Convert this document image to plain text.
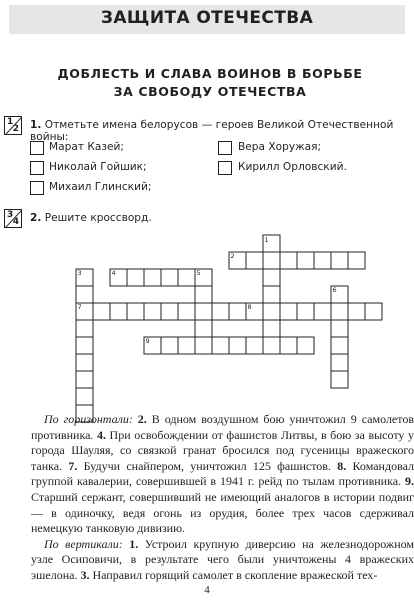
ЗАЩИТА ОТЕЧЕСТВА
ДОБЛЕСТЬ И СЛАВА ВОИНОВ В БОРЬБЕ
ЗА СВОБОДУ ОТЕЧЕСТВА
1
2 1. Отметьте имена белорусов — героев Великой Отечественной войны:
Марат Казей;	Вера Хоружая;
Николай Гойшик;	Кирилл Орловский.
Михаил Глинский;
3
4 2. Решите кроссворд.
1
2
3	4	5
6
7	8
9

По горизонтали: 2. В одном воздушном бою уничтожил 9 самолетов противника. 4. При освобождении от фашистов Литвы, в бою за высоту у города Шауляя, со связкой гранат бросился под гусеницы вражеского танка. 7. Будучи снайпером, уничтожил 125 фашистов. 8. Командовал группой кавалерии, совершившей в 1941 г. рейд по тылам противника. 9. Старший сержант, совершивший не имеющий аналогов в истории подвиг — в одиночку, ведя огонь из орудия, более трех часов сдерживал немецкую танковую дивизию.

По вертикали: 1. Устроил крупную диверсию на железнодорожном узле Осиповичи, в результате чего были уничтожены 4 вражеских эшелона. 3. Направил горящий самолет в скопление вражеской тех-

4
